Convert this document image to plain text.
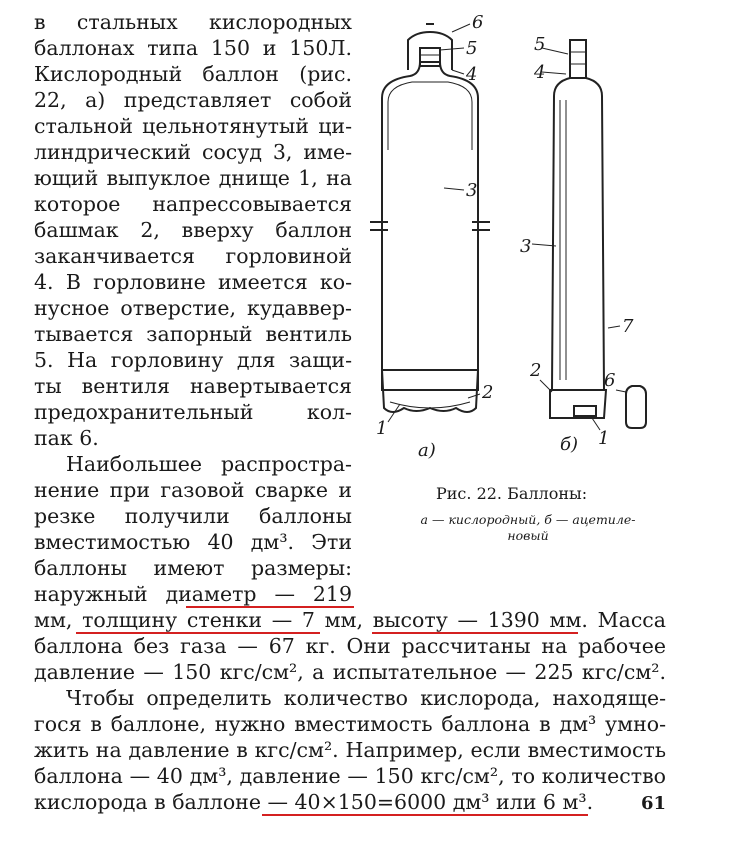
в стальных кислородных
баллонах типа 150 и 150Л.
Кислородный баллон (рис.
22, а) представляет собой
стальной цельнотянутый ци-
линдрический сосуд 3, име-
ющий выпуклое днище 1, на
которое напрессовывается
башмак 2, вверху баллон
заканчивается горловиной
4. В горловине имеется ко-
нусное отверстие, кудаввер-
тывается запорный вентиль
5. На горловину для защи-
ты вентиля навертывается
предохранительный кол-
пак 6.
Наибольшее распростра-
нение при газовой сварке и
резке получили баллоны
вместимостью 40 дм³. Эти
баллоны имеют размеры:
наружный диаметр — 219
мм, толщину стенки — 7 мм, высоту — 1390 мм. Масса
баллона без газа — 67 кг. Они рассчитаны на рабочее
давление — 150 кгс/см², а испытательное — 225 кгс/см².
Чтобы определить количество кислорода, находяще-
гося в баллоне, нужно вместимость баллона в дм³ умно-
жить на давление в кгс/см². Например, если вместимость
баллона — 40 дм³, давление — 150 кгс/см², то количество
кислорода в баллоне — 40×150=6000 дм³ или 6 м³.
6
5
4
3
2
1
а)
5
4
3
7
2	6
1
б)
Рис. 22. Баллоны:
а — кислородный, б — ацетиле-
новый
61
